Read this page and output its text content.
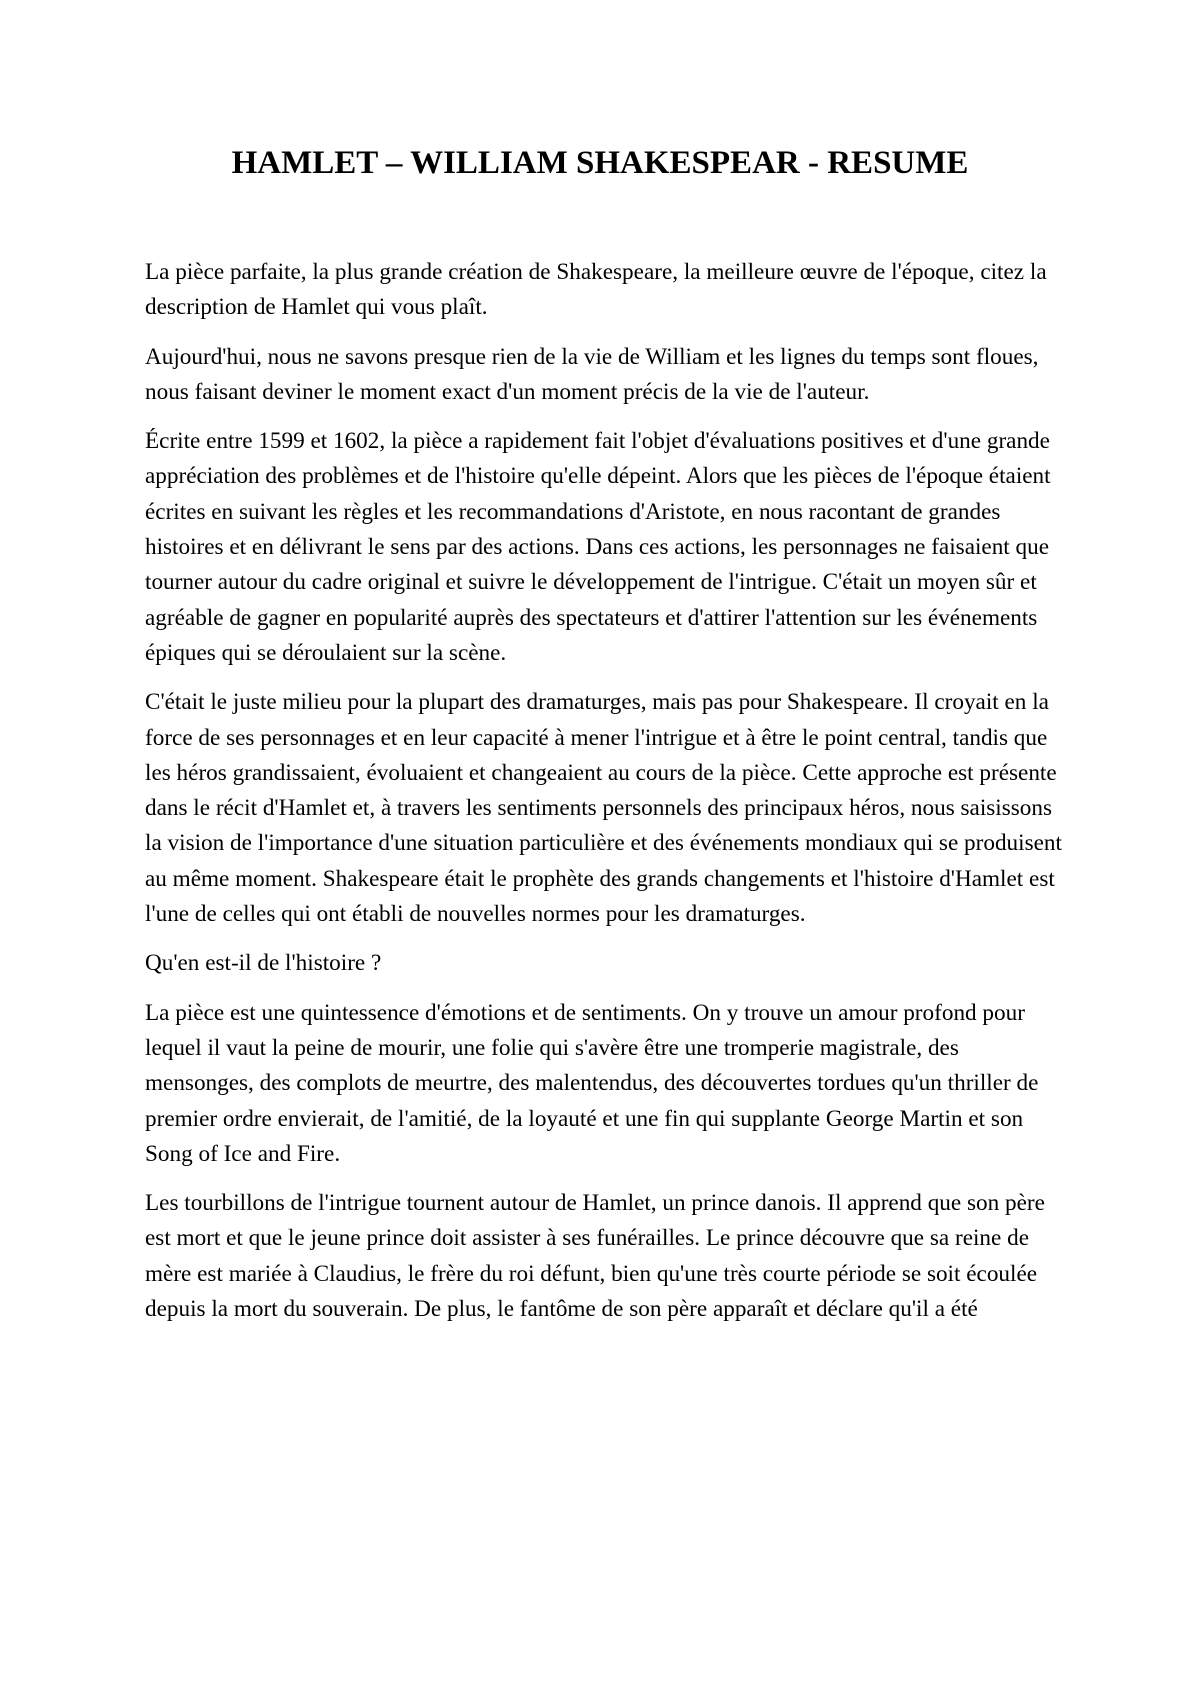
HAMLET – WILLIAM SHAKESPEAR - RESUME

La pièce parfaite, la plus grande création de Shakespeare, la meilleure œuvre de l'époque, citez la description de Hamlet qui vous plaît.

Aujourd'hui, nous ne savons presque rien de la vie de William et les lignes du temps sont floues, nous faisant deviner le moment exact d'un moment précis de la vie de l'auteur.

Écrite entre 1599 et 1602, la pièce a rapidement fait l'objet d'évaluations positives et d'une grande appréciation des problèmes et de l'histoire qu'elle dépeint. Alors que les pièces de l'époque étaient écrites en suivant les règles et les recommandations d'Aristote, en nous racontant de grandes histoires et en délivrant le sens par des actions. Dans ces actions, les personnages ne faisaient que tourner autour du cadre original et suivre le développement de l'intrigue. C'était un moyen sûr et agréable de gagner en popularité auprès des spectateurs et d'attirer l'attention sur les événements épiques qui se déroulaient sur la scène.

C'était le juste milieu pour la plupart des dramaturges, mais pas pour Shakespeare. Il croyait en la force de ses personnages et en leur capacité à mener l'intrigue et à être le point central, tandis que les héros grandissaient, évoluaient et changeaient au cours de la pièce. Cette approche est présente dans le récit d'Hamlet et, à travers les sentiments personnels des principaux héros, nous saisissons la vision de l'importance d'une situation particulière et des événements mondiaux qui se produisent au même moment. Shakespeare était le prophète des grands changements et l'histoire d'Hamlet est l'une de celles qui ont établi de nouvelles normes pour les dramaturges.

Qu'en est-il de l'histoire ?

La pièce est une quintessence d'émotions et de sentiments. On y trouve un amour profond pour lequel il vaut la peine de mourir, une folie qui s'avère être une tromperie magistrale, des mensonges, des complots de meurtre, des malentendus, des découvertes tordues qu'un thriller de premier ordre envierait, de l'amitié, de la loyauté et une fin qui supplante George Martin et son Song of Ice and Fire.

Les tourbillons de l'intrigue tournent autour de Hamlet, un prince danois. Il apprend que son père est mort et que le jeune prince doit assister à ses funérailles. Le prince découvre que sa reine de mère est mariée à Claudius, le frère du roi défunt, bien qu'une très courte période se soit écoulée depuis la mort du souverain. De plus, le fantôme de son père apparaît et déclare qu'il a été
